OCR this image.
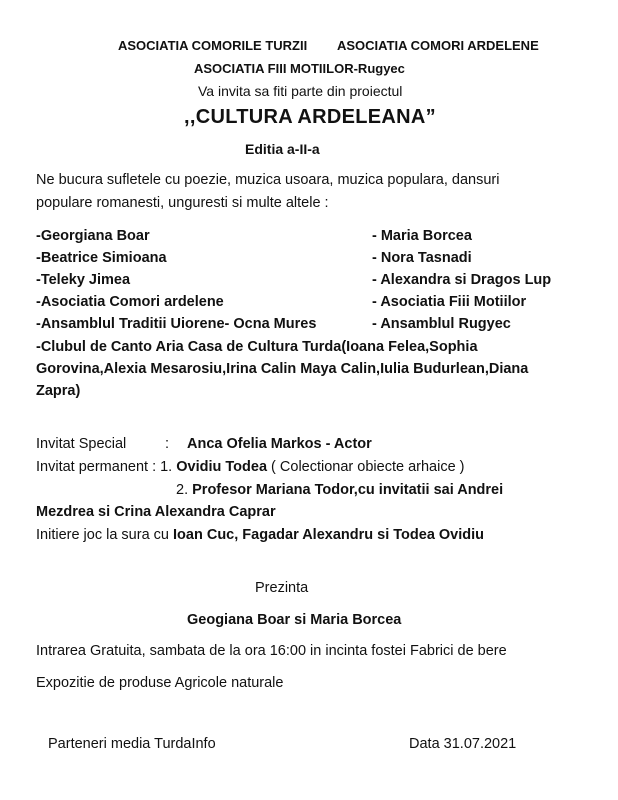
ASOCIATIA COMORILE TURZII ASOCIATIA COMORI ARDELENE
ASOCIATIA FIII MOTIILOR-Rugyec
Va invita sa fiti parte din proiectul
,,CULTURA ARDELEANA”
Editia a-II-a
Ne bucura sufletele cu poezie, muzica usoara, muzica populara, dansuri
populare romanesti, unguresti si multe altele :
-Georgiana Boar
-Beatrice Simioana
-Teleky Jimea
-Asociatia Comori ardelene
-Ansamblul Traditii Uiorene- Ocna Mures
- Maria Borcea
- Nora Tasnadi
- Alexandra si Dragos Lup
- Asociatia Fiii Motiilor
- Ansamblul Rugyec
-Clubul de Canto Aria Casa de Cultura Turda(Ioana Felea,Sophia
Gorovina,Alexia Mesarosiu,Irina Calin Maya Calin,Iulia Budurlean,Diana
Zapra)
Invitat Special	: Anca Ofelia Markos - Actor
Invitat permanent : 1. Ovidiu Todea ( Colectionar obiecte arhaice )
2. Profesor Mariana Todor,cu invitatii sai Andrei
Mezdrea si Crina Alexandra Caprar
Initiere joc la sura cu Ioan Cuc, Fagadar Alexandru si Todea Ovidiu
Prezinta
Geogiana Boar si Maria Borcea
Intrarea Gratuita, sambata de la ora 16:00 in incinta fostei Fabrici de bere
Expozitie de produse Agricole naturale
Parteneri media TurdaInfo	Data 31.07.2021
